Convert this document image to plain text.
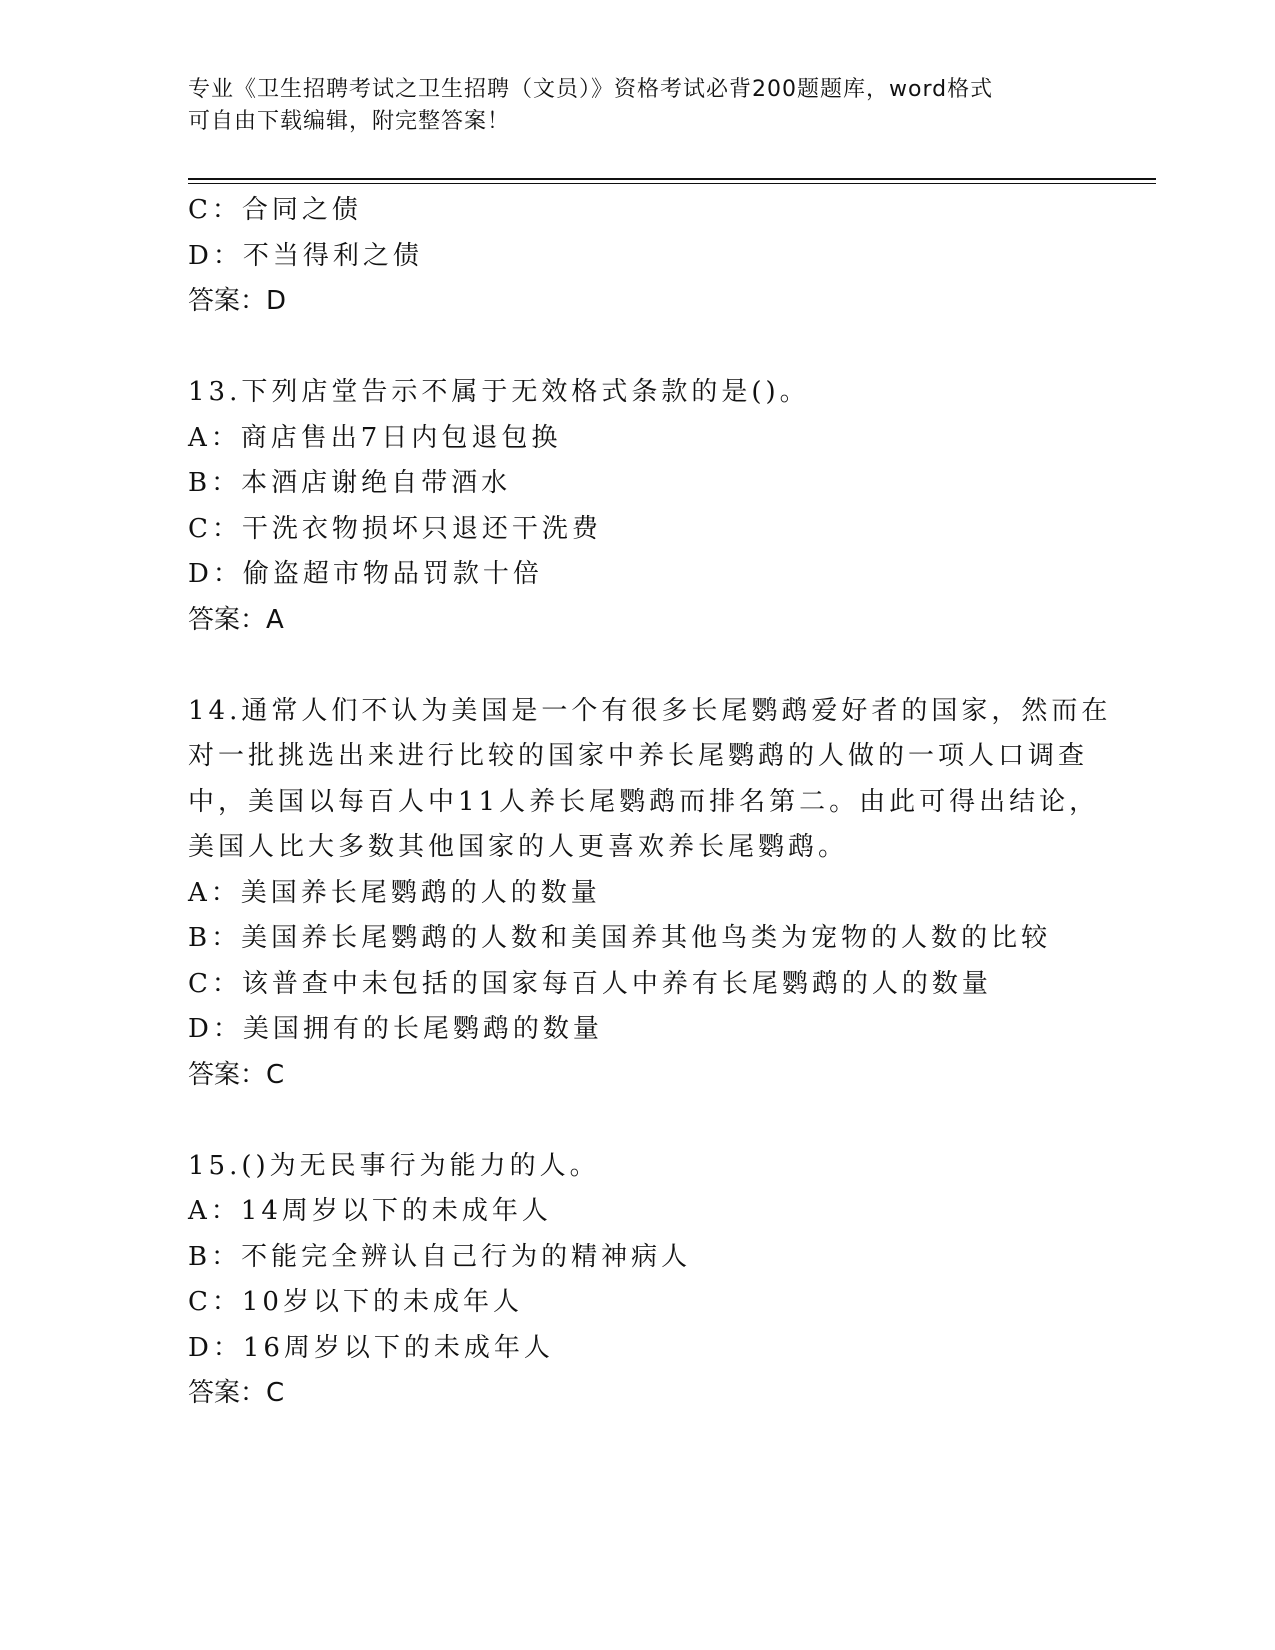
专业《卫生招聘考试之卫生招聘（文员）》资格考试必背200题题库，word格式
可自由下载编辑，附完整答案！
C：合同之债
D：不当得利之债
答案：D
13.下列店堂告示不属于无效格式条款的是()。
A：商店售出7日内包退包换
B：本酒店谢绝自带酒水
C：干洗衣物损坏只退还干洗费
D：偷盗超市物品罚款十倍
答案：A
14.通常人们不认为美国是一个有很多长尾鹦鹉爱好者的国家，然而在
对一批挑选出来进行比较的国家中养长尾鹦鹉的人做的一项人口调查
中，美国以每百人中11人养长尾鹦鹉而排名第二。由此可得出结论，
美国人比大多数其他国家的人更喜欢养长尾鹦鹉。
A：美国养长尾鹦鹉的人的数量
B：美国养长尾鹦鹉的人数和美国养其他鸟类为宠物的人数的比较
C：该普查中未包括的国家每百人中养有长尾鹦鹉的人的数量
D：美国拥有的长尾鹦鹉的数量
答案：C
15.()为无民事行为能力的人。
A：14周岁以下的未成年人
B：不能完全辨认自己行为的精神病人
C：10岁以下的未成年人
D：16周岁以下的未成年人
答案：C
